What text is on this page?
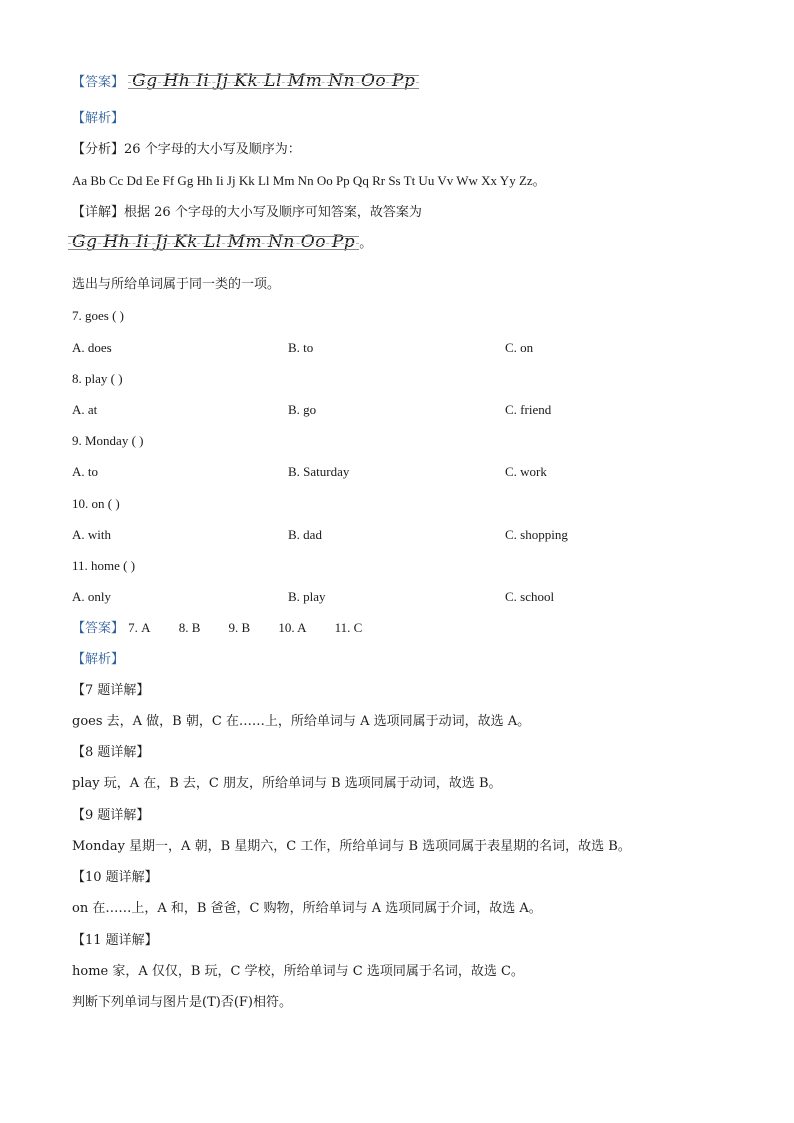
【答案】 Gg Hh Ii Jj Kk Ll Mm Nn Oo Pp
【解析】
【分析】26 个字母的大小写及顺序为：
Aa Bb Cc Dd Ee Ff Gg Hh Ii Jj Kk Ll Mm Nn Oo Pp Qq Rr Ss Tt Uu Vv Ww Xx Yy Zz。
【详解】根据 26 个字母的大小写及顺序可知答案，故答案为
Gg Hh Ii Jj Kk Ll Mm Nn Oo Pp 。
选出与所给单词属于同一类的一项。
7. goes ( )
A. does	B. to	C. on
8. play ( )
A. at	B. go	C. friend
9. Monday ( )
A. to	B. Saturday	C. work
10. on ( )
A. with	B. dad	C. shopping
11. home ( )
A. only	B. play	C. school
【答案】 7. A 8. B 9. B 10. A 11. C
【解析】
【7 题详解】
goes 去，A 做，B 朝，C 在……上，所给单词与 A 选项同属于动词，故选 A。
【8 题详解】
play 玩，A 在，B 去，C 朋友，所给单词与 B 选项同属于动词，故选 B。
【9 题详解】
Monday 星期一，A 朝，B 星期六，C 工作，所给单词与 B 选项同属于表星期的名词，故选 B。
【10 题详解】
on 在……上，A 和，B 爸爸，C 购物，所给单词与 A 选项同属于介词，故选 A。
【11 题详解】
home 家，A 仅仅，B 玩，C 学校，所给单词与 C 选项同属于名词，故选 C。
判断下列单词与图片是(T)否(F)相符。
